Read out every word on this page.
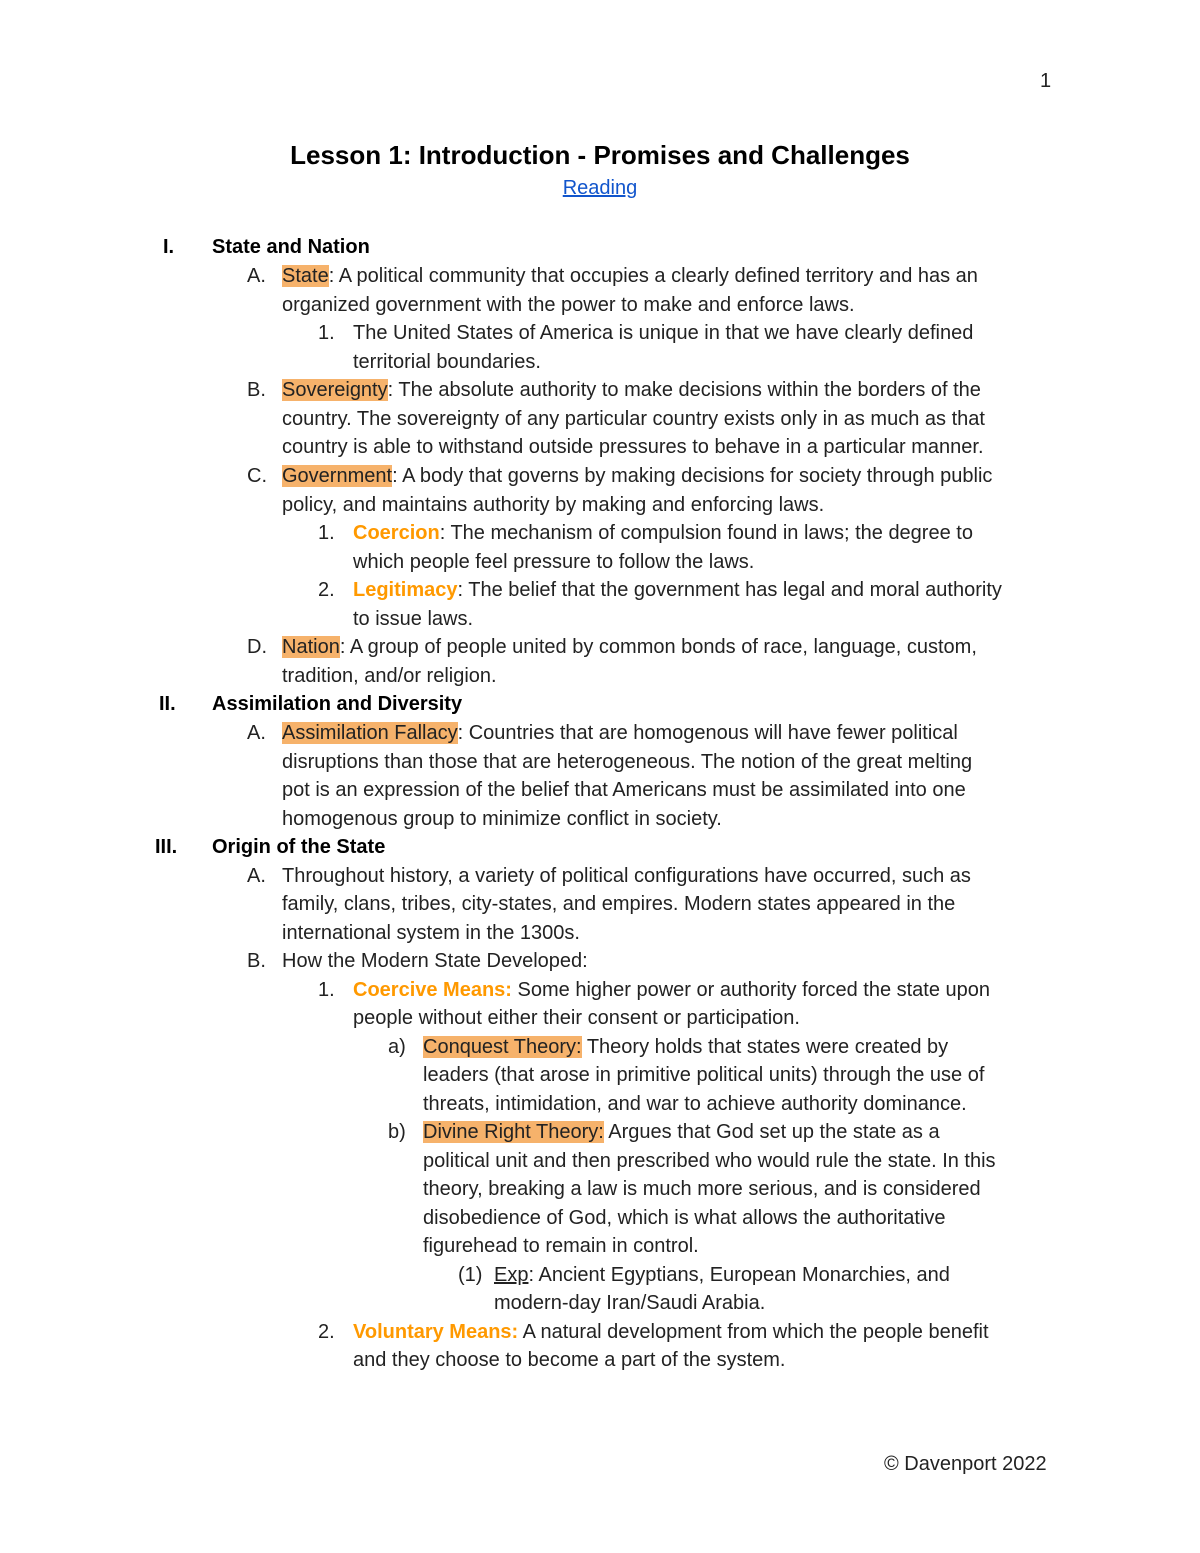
1
Lesson 1: Introduction - Promises and Challenges
Reading
I. State and Nation
A. State: A political community that occupies a clearly defined territory and has an
organized government with the power to make and enforce laws.
1. The United States of America is unique in that we have clearly defined
territorial boundaries.
B. Sovereignty: The absolute authority to make decisions within the borders of the
country. The sovereignty of any particular country exists only in as much as that
country is able to withstand outside pressures to behave in a particular manner.
C. Government: A body that governs by making decisions for society through public
policy, and maintains authority by making and enforcing laws.
1. Coercion: The mechanism of compulsion found in laws; the degree to
which people feel pressure to follow the laws.
2. Legitimacy: The belief that the government has legal and moral authority
to issue laws.
D. Nation: A group of people united by common bonds of race, language, custom,
tradition, and/or religion.
II. Assimilation and Diversity
A. Assimilation Fallacy: Countries that are homogenous will have fewer political
disruptions than those that are heterogeneous. The notion of the great melting
pot is an expression of the belief that Americans must be assimilated into one
homogenous group to minimize conflict in society.
III. Origin of the State
A. Throughout history, a variety of political configurations have occurred, such as
family, clans, tribes, city-states, and empires. Modern states appeared in the
international system in the 1300s.
B. How the Modern State Developed:
1. Coercive Means: Some higher power or authority forced the state upon
people without either their consent or participation.
a) Conquest Theory: Theory holds that states were created by
leaders (that arose in primitive political units) through the use of
threats, intimidation, and war to achieve authority dominance.
b) Divine Right Theory: Argues that God set up the state as a
political unit and then prescribed who would rule the state. In this
theory, breaking a law is much more serious, and is considered
disobedience of God, which is what allows the authoritative
figurehead to remain in control.
(1) Exp: Ancient Egyptians, European Monarchies, and
modern-day Iran/Saudi Arabia.
2. Voluntary Means: A natural development from which the people benefit
and they choose to become a part of the system.
© Davenport 2022
